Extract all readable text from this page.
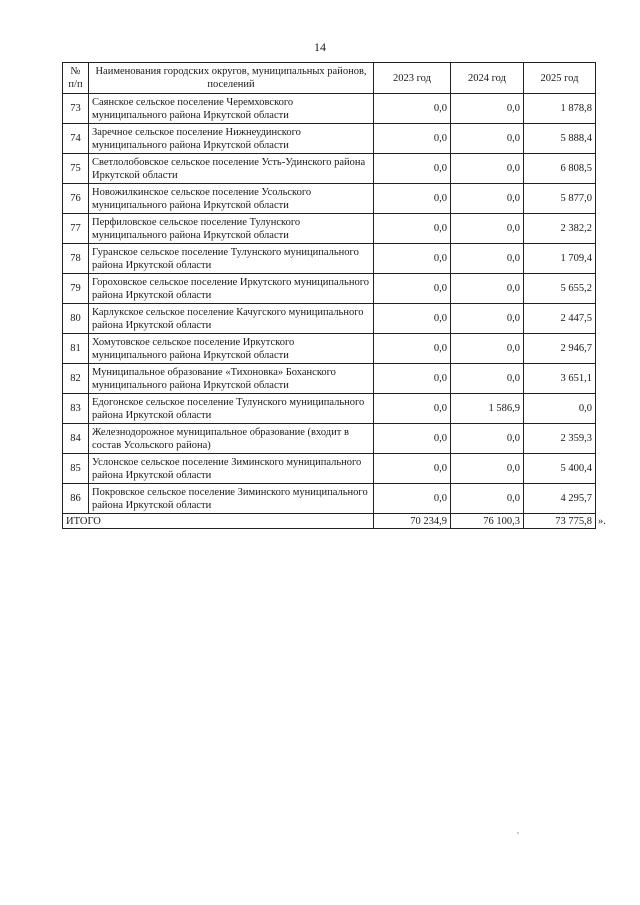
14
№
п/п	Наименования городских округов, муниципальных районов, поселений	2023 год	2024 год	2025 год
73	Саянское сельское поселение Черемховского муниципального района Иркутской области	0,0	0,0	1 878,8
74	Заречное сельское поселение Нижнеудинского муниципального района Иркутской области	0,0	0,0	5 888,4
75	Светлолобовское сельское поселение Усть-Удинского района Иркутской области	0,0	0,0	6 808,5
76	Новожилкинское сельское поселение Усольского муниципального района Иркутской области	0,0	0,0	5 877,0
77	Перфиловское сельское поселение Тулунского муниципального района Иркутской области	0,0	0,0	2 382,2
78	Гуранское сельское поселение Тулунского муниципального района Иркутской области	0,0	0,0	1 709,4
79	Гороховское сельское поселение Иркутского муниципального района Иркутской области	0,0	0,0	5 655,2
80	Карлукское сельское поселение Качугского муниципального района Иркутской области	0,0	0,0	2 447,5
81	Хомутовское сельское поселение Иркутского муниципального района Иркутской области	0,0	0,0	2 946,7
82	Муниципальное образование «Тихоновка» Боханского муниципального района Иркутской области	0,0	0,0	3 651,1
83	Едогонское сельское поселение Тулунского муниципального района Иркутской области	0,0	1 586,9	0,0
84	Железнодорожное муниципальное образование (входит в состав Усольского района)	0,0	0,0	2 359,3
85	Услонское сельское поселение Зиминского муниципального района Иркутской области	0,0	0,0	5 400,4
86	Покровское сельское поселение Зиминского муниципального района Иркутской области	0,0	0,0	4 295,7
ИТОГО		70 234,9	76 100,3	73 775,8 ».
